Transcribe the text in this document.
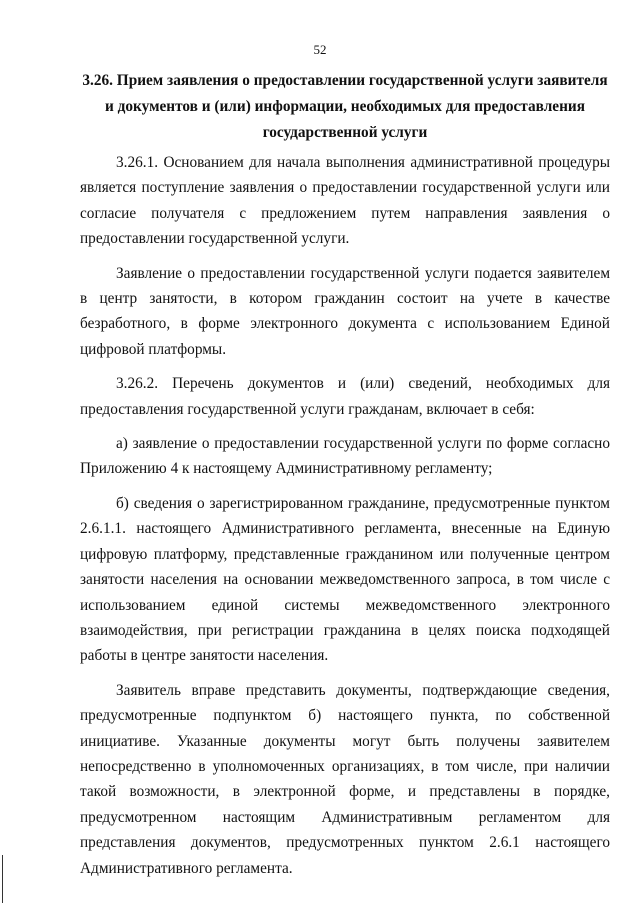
52
3.26. Прием заявления о предоставлении государственной услуги заявителя и документов и (или) информации, необходимых для предоставления государственной услуги

3.26.1. Основанием для начала выполнения административной процедуры является поступление заявления о предоставлении государственной услуги или согласие получателя с предложением путем направления заявления о предоставлении государственной услуги.

Заявление о предоставлении государственной услуги подается заявителем в центр занятости, в котором гражданин состоит на учете в качестве безработного, в форме электронного документа с использованием Единой цифровой платформы.

3.26.2. Перечень документов и (или) сведений, необходимых для предоставления государственной услуги гражданам, включает в себя:

а) заявление о предоставлении государственной услуги по форме согласно Приложению 4 к настоящему Административному регламенту;

б) сведения о зарегистрированном гражданине, предусмотренные пунктом 2.6.1.1. настоящего Административного регламента, внесенные на Единую цифровую платформу, представленные гражданином или полученные центром занятости населения на основании межведомственного запроса, в том числе с использованием единой системы межведомственного электронного взаимодействия, при регистрации гражданина в целях поиска подходящей работы в центре занятости населения.

Заявитель вправе представить документы, подтверждающие сведения, предусмотренные подпунктом б) настоящего пункта, по собственной инициативе. Указанные документы могут быть получены заявителем непосредственно в уполномоченных организациях, в том числе, при наличии такой возможности, в электронной форме, и представлены в порядке, предусмотренном настоящим Административным регламентом для представления документов, предусмотренных пунктом 2.6.1 настоящего Административного регламента.
